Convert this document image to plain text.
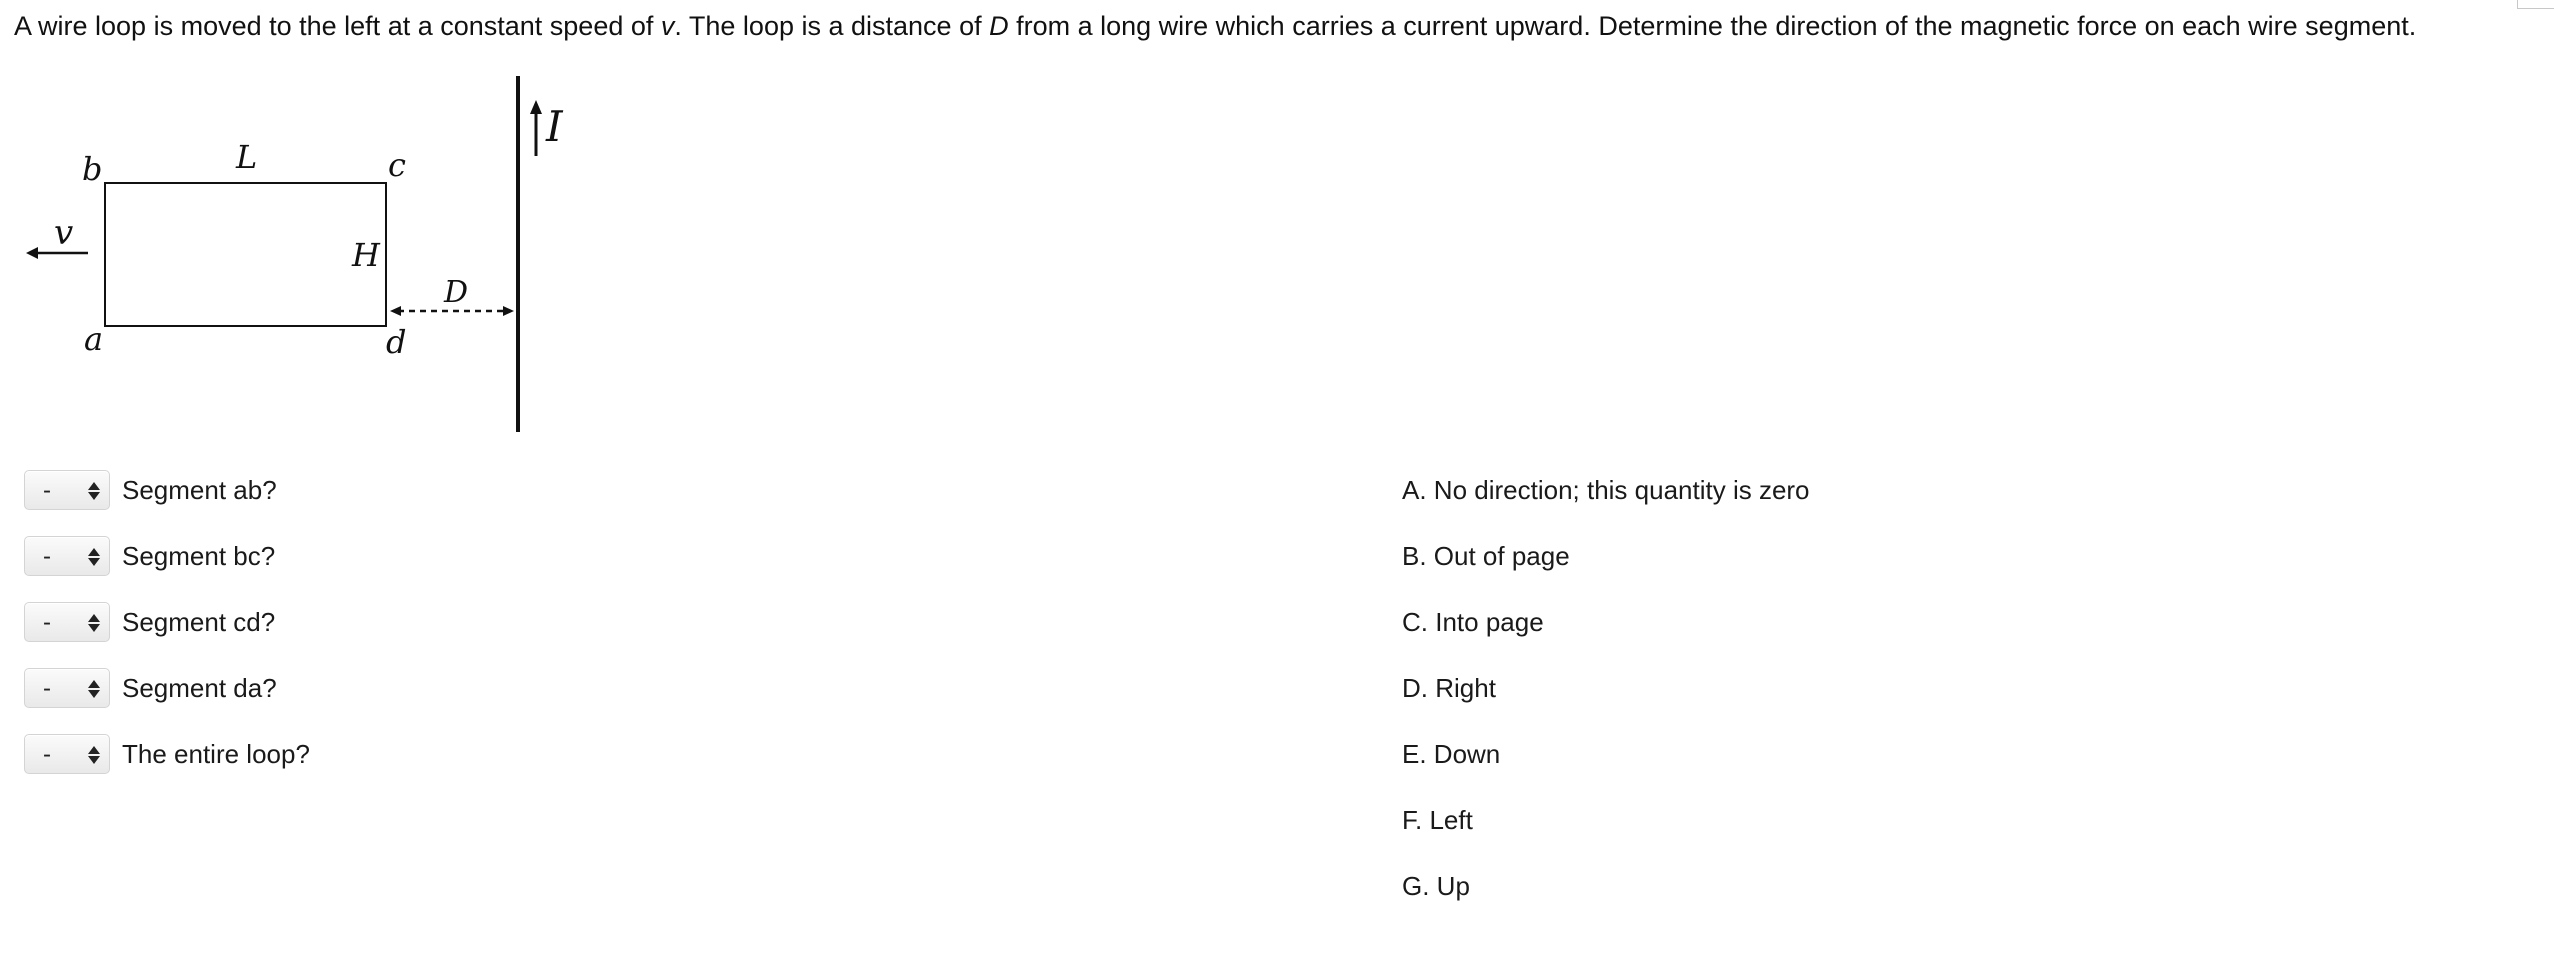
A wire loop is moved to the left at a constant speed of v. The loop is a distance of D from a long wire which carries a current upward. Determine the direction of the magnetic force on each wire segment.
I
v
D
b	L	c
H
a	d
-	Segment ab?
-	Segment bc?
-	Segment cd?
-	Segment da?
-	The entire loop?
A. No direction; this quantity is zero
B. Out of page
C. Into page
D. Right
E. Down
F. Left
G. Up
